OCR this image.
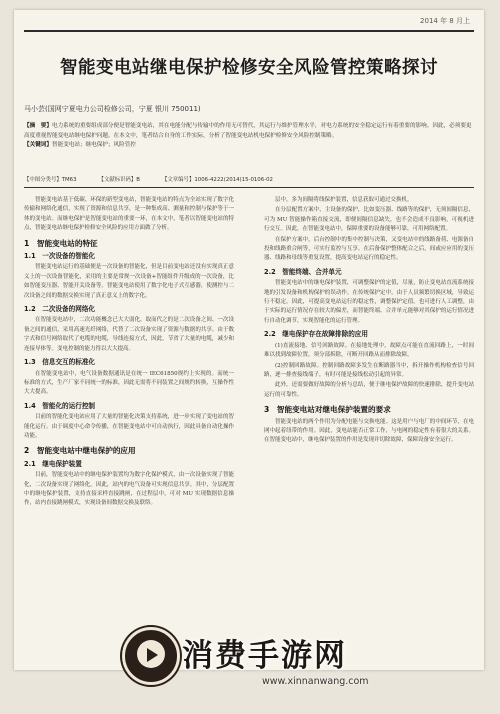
2014 年 8 月上
智能变电站继电保护检修安全风险管控策略探讨
马小芸(国网宁夏电力公司检修公司，宁夏 银川 750011)
【摘　要】电力系统的重要组成部分便是智能变电站，其在电能分配与传输中的作用无可替代，其运行与维护管理水平，对电力系统的安全稳定运行有着重要的影响。因此，必须要更高度重视智能变电站继电保护问题。在本文中，笔者结合自身的工作实际，分析了智能变电站机电保护检修安全风险控制策略。
【关键词】智能变电站；继电保护；风险管控
【中图分类号】TM63	【文献标识码】B	【文章编号】1006-4222(2014)15-0106-02

智能变电站基于低碳、环保的新型变电站，智能变电站的特点为全站实现了数字化传输和网络化通信，实现了资源和信息共享，是一种集成高、测量和控制与保护等于一体的变电站。而继电保护是智能变电站的重要一环，在本文中，笔者以智能变电站的特点，智能变电站继电保护检修安全风险的应用方面做了分析。

1　智能变电站的特征
1.1　一次设备的智能化

智能变电站运行的基础便是一次设备的智能化，但是目前变电站还没有实现真正意义上的一次设备智能化，采用的主要是常规一次设备+智能组件升级成的一次设备，比如智能变压器、智能开关设备等。智能变电站使用了数字化电子式互感器，使测控与二次设备之间的数据交换实现了真正意义上的数字化。

1.2　二次设备的网络化

在智能变电站中，二次功能概念已大大弱化，取而代之的是二次设备之间、一次设备之间的通信，采用高速光纤网络，代替了二次设备实现了资源与数据的共享。由于数字式和信号网络取代了电缆的电缆，导线连接方式，因此，节省了大量的电缆，减少和连接导体等。变电控制的能力得以大大提高。

1.3　信息交互的标准化

在智能变电站中，电气设备数据通讯是在统一 IEC61850规约上实现的。而统一标准的方式，生产厂家不同统一的标准，因此无需将不同装置之间规约转换，互操作性大大提高。

1.4　智能化的运行控制

目前的智能化变电站应用了大量的智能化决策支持系统，进一步实现了变电站的智能化运行。由于调度中心命令传播，在智能变电站中可自动执行，因此具备自动化操作功能。

2　智能变电站中继电保护的应用
2.1　继电保护装置

目前，智能变电站中的继电保护装置均为数字化保护模式，由一次设备实现了智能化，二次设备实现了网络化。因此，站内的电气设备可实现信息共享。其中，分层配置中的继电保护装置，支持直接采样直接跳闸，在过程层中，可对 MU 实现数据信息操作，站内直接跳闸模式，实现设备间数据交换及联络。

层中，多为间隔将线保护装置，信息获取可通过交换机。

在分层配置方案中，主设备的保护，比如变压器、线路等的保护，无须间隔信息，可为 MU 智能操作箱直接交流，即便间隔信息缺失，也不会造成不良影响，可视机进行交互。因此，在智能变电站中，保障重要的设备能够可靠，可用网络配置。

在保护方案中，后台控制中的集中控制与决策，又变电站中的线路备荷、电源备自投和线路重合闸等，可实行监控与互享。在后备保护整体配合之后，间或应应用的变压器、线路和母线等重复设置，提高变电站运行的稳定性。

2.2　智能终端、合并单元

智能变电站中的继电保护装置，可调整保护的定值，尽量，防止变电站直流系统接地的引发设备和机构保护的误动作。在传统保护定中，由于人员频繁切换区域，导致运行不稳定。因此，可提高变电站运行的稳定性，调整保护定值。也可进行人工调整，由于实际的运行情况存在较大的偏差，而智能终端、合并单元能够对其保护的运行情况进行自动化调节，实现智能化的运行管理。

2.2　继电保护存在故障排除的应用

(1)直流接地、信号回路故障。在接地处理中，故障点可能在直流回路上，一时间难以找到故障位置，须分部拆除，可断开回路从而排除故障。

(2)控制回路故障。控制回路故障多发生在断路器当中，拆开操作机构检查信号回路，逐一排查接线端子，有时可能是接线松动引起的异常。

此外，还需要做好故障的分析与总结，便于继电保护故障的快速排除，提升变电站运行的可靠性。

3　智能变电站对继电保护装置的要求

智能变电站的两个作用为分配电能与交换电能。这是用户与电厂的中间环节，在电网中起着纽带的作用。因此，变电站能否正常工作，与电网的稳定性有着很大的关系。在智能变电站中，继电保护装置的作用是发现并切除故障，保障设备安全运行。

消费手游网
www.xinnanwang.com
